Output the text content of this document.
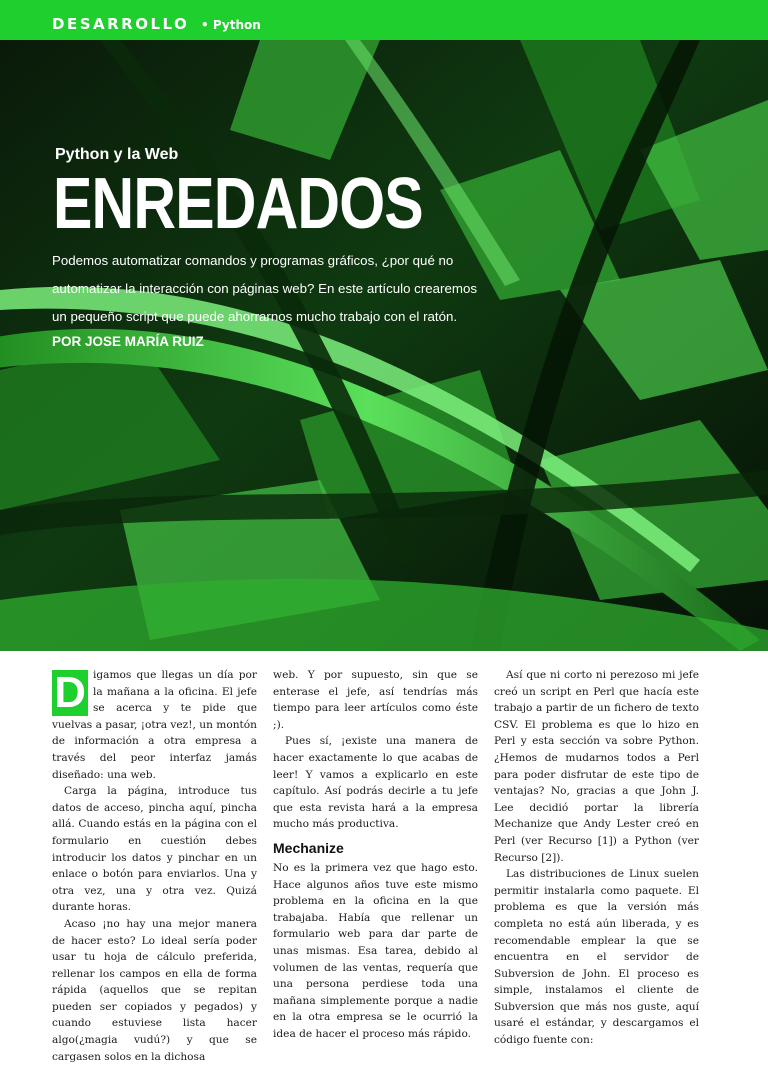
DESARROLLO • Python
Python y la Web
ENREDADOS
Podemos automatizar comandos y programas gráficos, ¿por qué no automatizar la interacción con páginas web? En este artículo crearemos un pequeño script que puede ahorrarnos mucho trabajo con el ratón.
POR JOSE MARÍA RUIZ
D igamos que llegas un día por la mañana a la oficina. El jefe se acerca y te pide que vuelvas a pasar, ¡otra vez!, un montón de información a otra empresa a través del peor interfaz jamás diseñado: una web.

Carga la página, introduce tus datos de acceso, pincha aquí, pincha allá. Cuando estás en la página con el formulario en cuestión debes introducir los datos y pinchar en un enlace o botón para enviarlos. Una y otra vez, una y otra vez. Quizá durante horas.

Acaso ¡no hay una mejor manera de hacer esto? Lo ideal sería poder usar tu hoja de cálculo preferida, rellenar los campos en ella de forma rápida (aquellos que se repitan pueden ser copiados y pegados) y cuando estuviese lista hacer algo(¿magia vudú?) y que se cargasen solos en la dichosa

web. Y por supuesto, sin que se enterase el jefe, así tendrías más tiempo para leer artículos como éste ;).

Pues sí, ¡existe una manera de hacer exactamente lo que acabas de leer! Y vamos a explicarlo en este capítulo. Así podrás decirle a tu jefe que esta revista hará a la empresa mucho más productiva.

Mechanize

No es la primera vez que hago esto. Hace algunos años tuve este mismo problema en la oficina en la que trabajaba. Había que rellenar un formulario web para dar parte de unas mismas. Esa tarea, debido al volumen de las ventas, requería que una persona perdiese toda una mañana simplemente porque a nadie en la otra empresa se le ocurrió la idea de hacer el proceso más rápido.

Así que ni corto ni perezoso mi jefe creó un script en Perl que hacía este trabajo a partir de un fichero de texto CSV. El problema es que lo hizo en Perl y esta sección va sobre Python. ¿Hemos de mudarnos todos a Perl para poder disfrutar de este tipo de ventajas? No, gracias a que John J. Lee decidió portar la librería Mechanize que Andy Lester creó en Perl (ver Recurso [1]) a Python (ver Recurso [2]).

Las distribuciones de Linux suelen permitir instalarla como paquete. El problema es que la versión más completa no está aún liberada, y es recomendable emplear la que se encuentra en el servidor de Subversion de John. El proceso es simple, instalamos el cliente de Subversion que más nos guste, aquí usaré el estándar, y descargamos el código fuente con:
